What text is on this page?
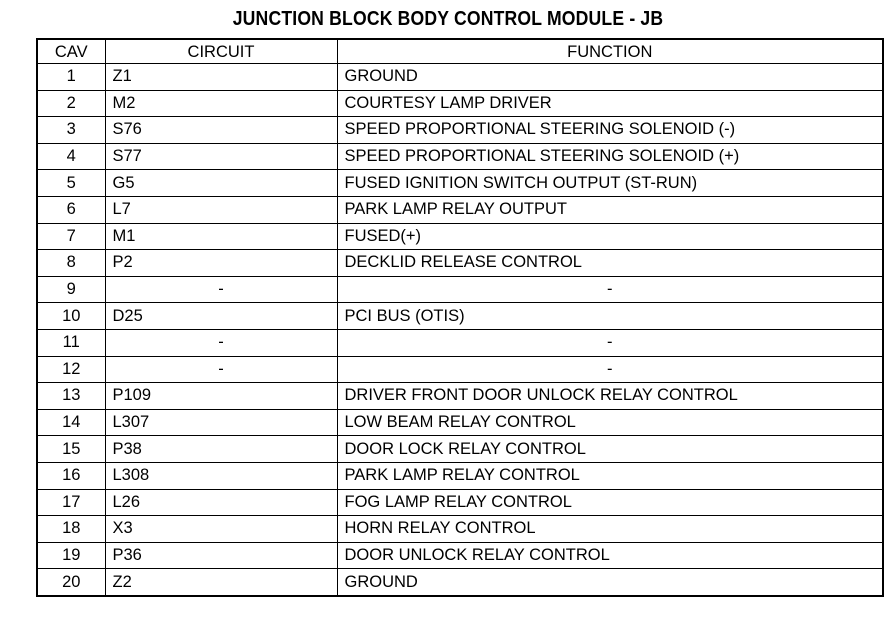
JUNCTION BLOCK BODY CONTROL MODULE - JB
CAV	CIRCUIT	FUNCTION
1	Z1	GROUND
2	M2	COURTESY LAMP DRIVER
3	S76	SPEED PROPORTIONAL STEERING SOLENOID (-)
4	S77	SPEED PROPORTIONAL STEERING SOLENOID (+)
5	G5	FUSED IGNITION SWITCH OUTPUT (ST-RUN)
6	L7	PARK LAMP RELAY OUTPUT
7	M1	FUSED(+)
8	P2	DECKLID RELEASE CONTROL
9	-	-
10	D25	PCI BUS (OTIS)
11	-	-
12	-	-
13	P109	DRIVER FRONT DOOR UNLOCK RELAY CONTROL
14	L307	LOW BEAM RELAY CONTROL
15	P38	DOOR LOCK RELAY CONTROL
16	L308	PARK LAMP RELAY CONTROL
17	L26	FOG LAMP RELAY CONTROL
18	X3	HORN RELAY CONTROL
19	P36	DOOR UNLOCK RELAY CONTROL
20	Z2	GROUND
